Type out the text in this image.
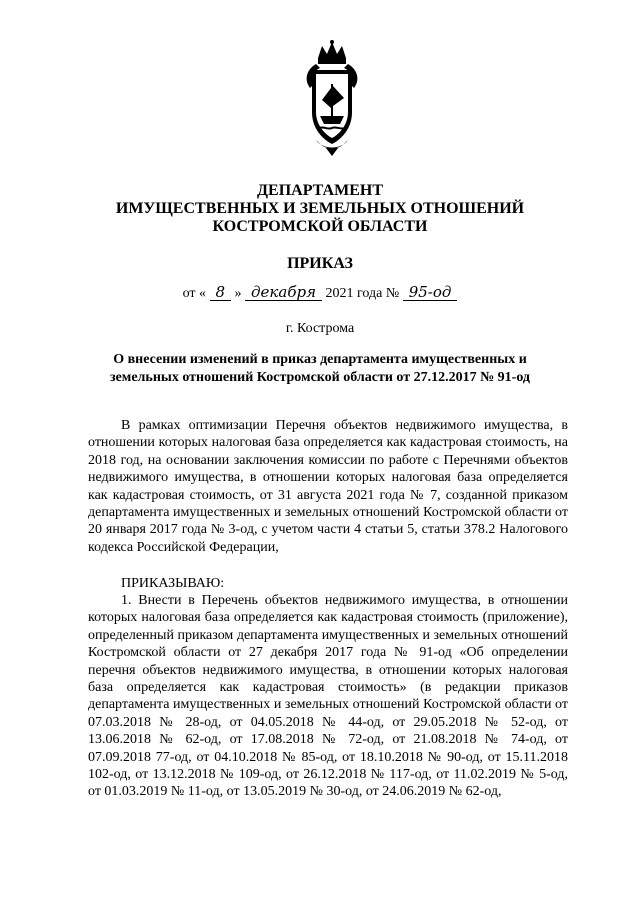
ДЕПАРТАМЕНТ
ИМУЩЕСТВЕННЫХ И ЗЕМЕЛЬНЫХ ОТНОШЕНИЙ
КОСТРОМСКОЙ ОБЛАСТИ
ПРИКАЗ
от « 8 » декабря 2021 года № 95-од
г. Кострома
О внесении изменений в приказ департамента имущественных и
земельных отношений Костромской области от 27.12.2017 № 91-од
В рамках оптимизации Перечня объектов недвижимого имущества, в отношении которых налоговая база определяется как кадастровая стоимость, на 2018 год, на основании заключения комиссии по работе с Перечнями объектов недвижимого имущества, в отношении которых налоговая база определяется как кадастровая стоимость, от 31 августа 2021 года № 7, созданной приказом департамента имущественных и земельных отношений Костромской области от 20 января 2017 года № 3-од, с учетом части 4 статьи 5, статьи 378.2 Налогового кодекса Российской Федерации,
ПРИКАЗЫВАЮ:
1. Внести в Перечень объектов недвижимого имущества, в отношении которых налоговая база определяется как кадастровая стоимость (приложение), определенный приказом департамента имущественных и земельных отношений Костромской области от 27 декабря 2017 года № 91-од «Об определении перечня объектов недвижимого имущества, в отношении которых налоговая база определяется как кадастровая стоимость» (в редакции приказов департамента имущественных и земельных отношений Костромской области от 07.03.2018 № 28-од, от 04.05.2018 № 44-од, от 29.05.2018 № 52-од, от 13.06.2018 № 62-од, от 17.08.2018 № 72-од, от 21.08.2018 № 74-од, от 07.09.2018 77-од, от 04.10.2018 № 85-од, от 18.10.2018 № 90-од, от 15.11.2018 102-од, от 13.12.2018 № 109-од, от 26.12.2018 № 117-од, от 11.02.2019 № 5-од, от 01.03.2019 № 11-од, от 13.05.2019 № 30-од, от 24.06.2019 № 62-од,
